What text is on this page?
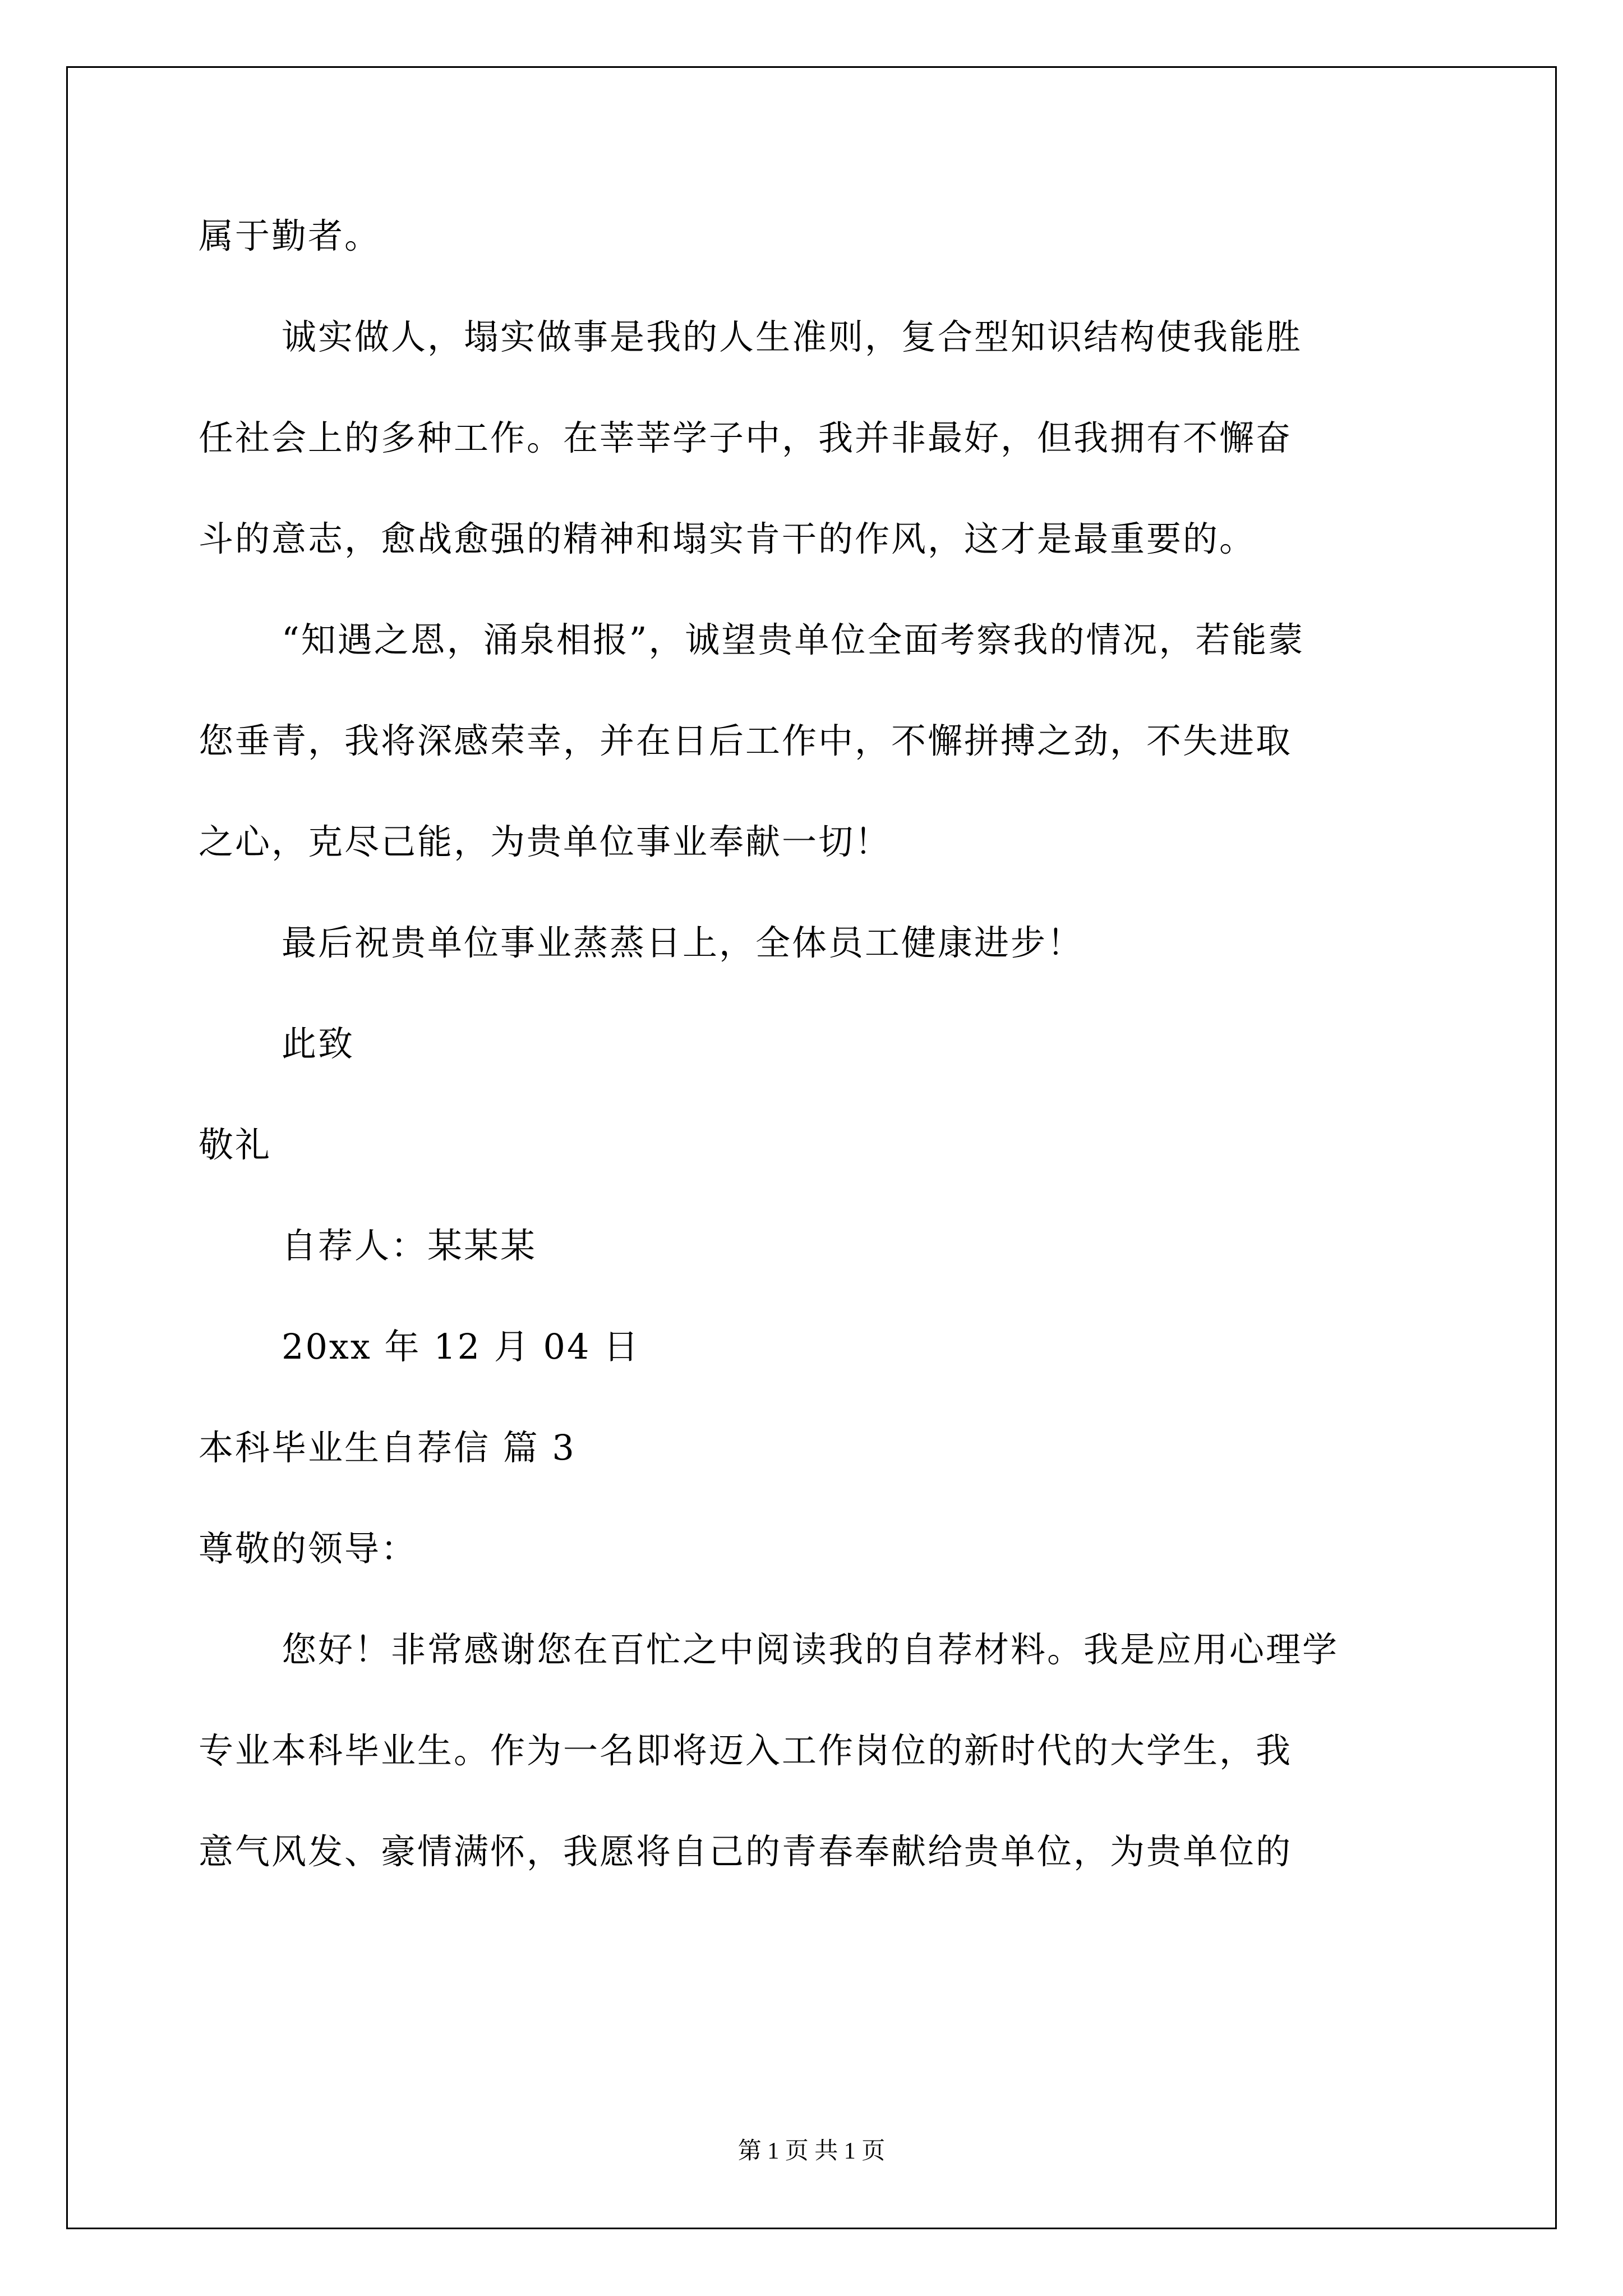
属于勤者。
诚实做人，塌实做事是我的人生准则，复合型知识结构使我能胜
任社会上的多种工作。在莘莘学子中，我并非最好，但我拥有不懈奋
斗的意志，愈战愈强的精神和塌实肯干的作风，这才是最重要的。
“知遇之恩，涌泉相报”，诚望贵单位全面考察我的情况，若能蒙
您垂青，我将深感荣幸，并在日后工作中，不懈拼搏之劲，不失进取
之心，克尽己能，为贵单位事业奉献一切！
最后祝贵单位事业蒸蒸日上，全体员工健康进步！
此致
敬礼
自荐人：某某某
20xx 年 12 月 04 日
本科毕业生自荐信 篇 3
尊敬的领导：
您好！非常感谢您在百忙之中阅读我的自荐材料。我是应用心理学
专业本科毕业生。作为一名即将迈入工作岗位的新时代的大学生，我
意气风发、豪情满怀，我愿将自己的青春奉献给贵单位，为贵单位的
第 1 页 共 1 页
